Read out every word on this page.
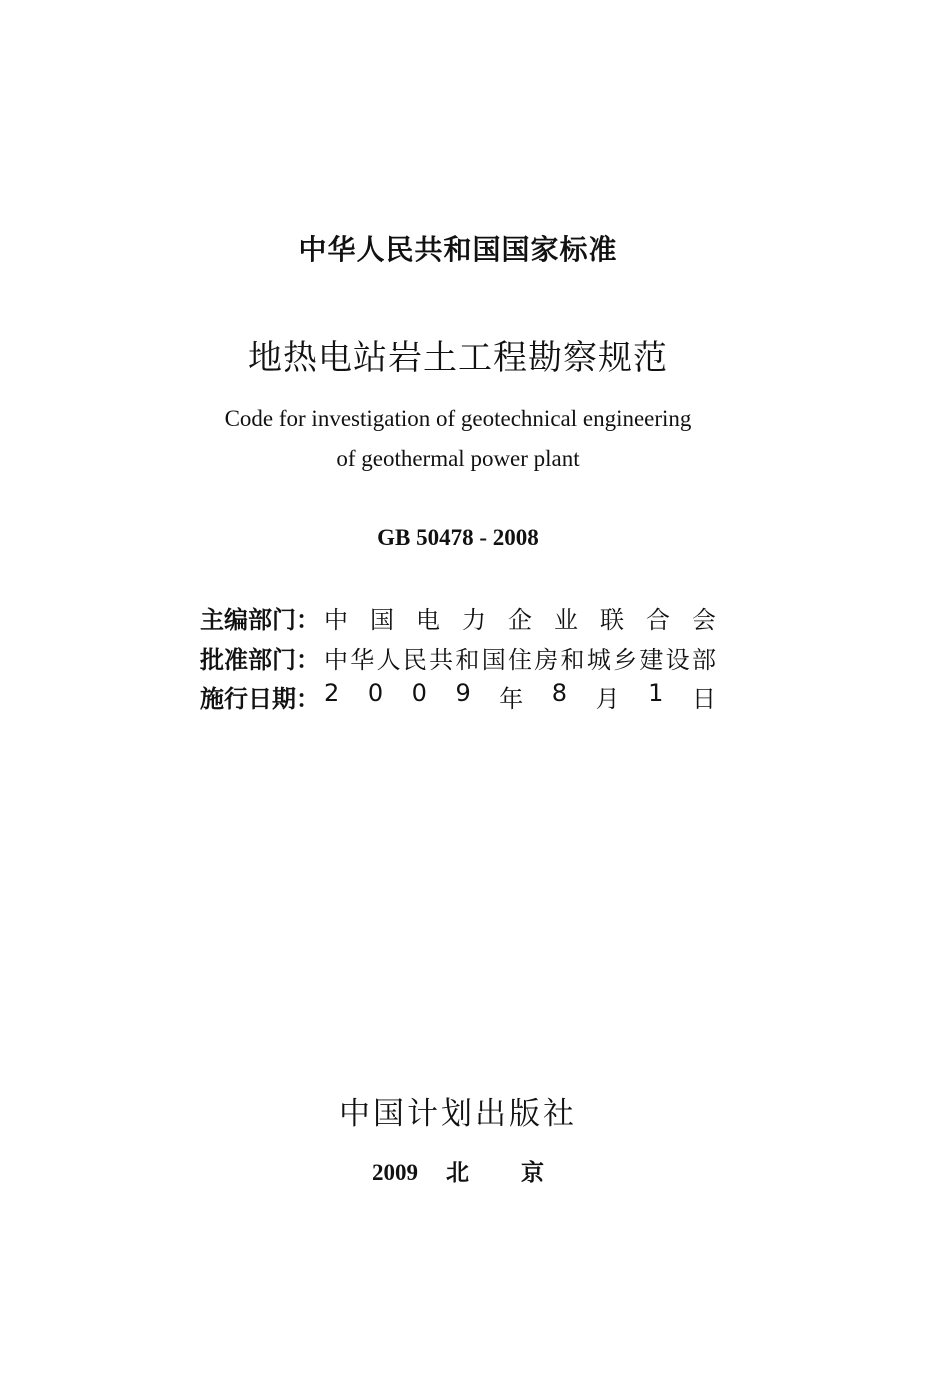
中华人民共和国国家标准
地热电站岩土工程勘察规范
Code for investigation of geotechnical engineering
of geothermal power plant
GB 50478 - 2008
主编部门： 中 国 电 力 企 业 联 合 会
批准部门： 中 华 人 民 共 和 国 住 房 和 城 乡 建 设 部
施行日期： 2 0 0 9 年 8 月 1 日
中国计划出版社
2009 北 京
